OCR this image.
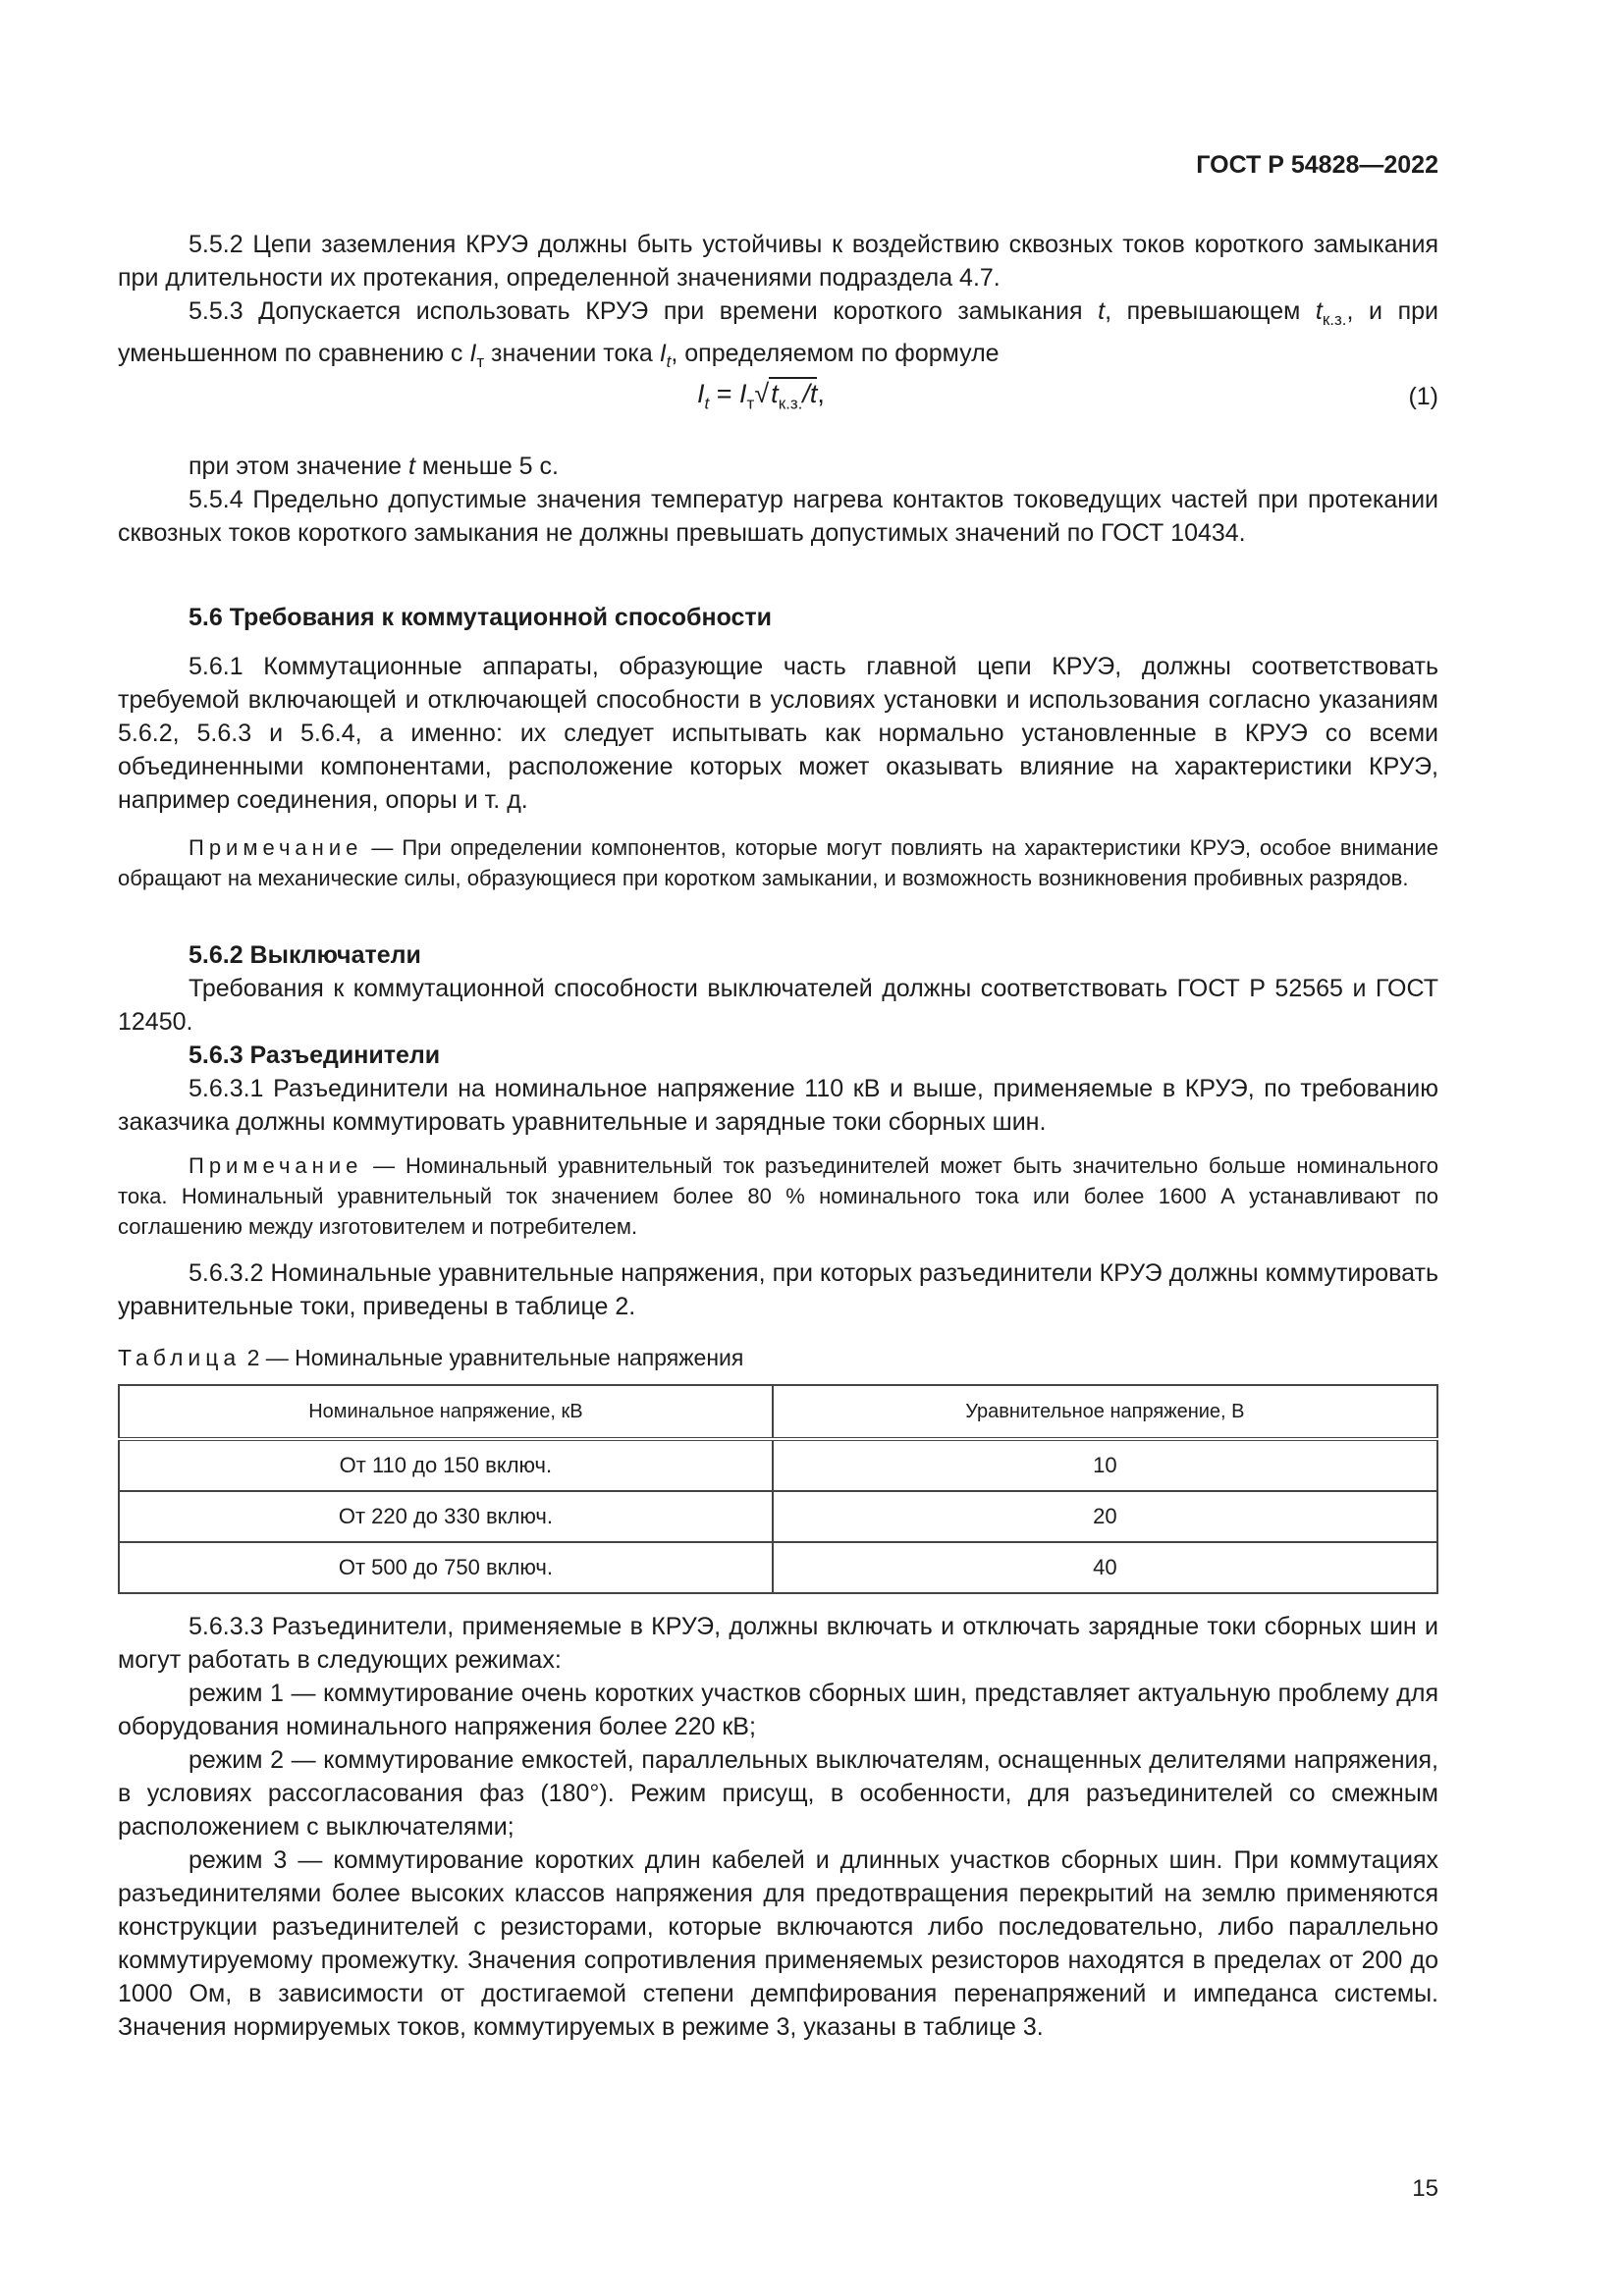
ГОСТ Р 54828—2022

5.5.2 Цепи заземления КРУЭ должны быть устойчивы к воздействию сквозных токов короткого замыкания при длительности их протекания, определенной значениями подраздела 4.7.

5.5.3 Допускается использовать КРУЭ при времени короткого замыкания t, превышающем $t_{к.з.}$, и при уменьшенном по сравнению с $I_т$ значении тока $I_t$, определяемом по формуле

$I_t = I_т√t_{к.з.}/t$,	(1)

при этом значение t меньше 5 с.

5.5.4 Предельно допустимые значения температур нагрева контактов токоведущих частей при протекании сквозных токов короткого замыкания не должны превышать допустимых значений по ГОСТ 10434.

5.6 Требования к коммутационной способности

5.6.1 Коммутационные аппараты, образующие часть главной цепи КРУЭ, должны соответствовать требуемой включающей и отключающей способности в условиях установки и использования согласно указаниям 5.6.2, 5.6.3 и 5.6.4, а именно: их следует испытывать как нормально установленные в КРУЭ со всеми объединенными компонентами, расположение которых может оказывать влияние на характеристики КРУЭ, например соединения, опоры и т. д.

Примечание — При определении компонентов, которые могут повлиять на характеристики КРУЭ, особое внимание обращают на механические силы, образующиеся при коротком замыкании, и возможность возникновения пробивных разрядов.

5.6.2 Выключатели

Требования к коммутационной способности выключателей должны соответствовать ГОСТ Р 52565 и ГОСТ 12450.

5.6.3 Разъединители

5.6.3.1 Разъединители на номинальное напряжение 110 кВ и выше, применяемые в КРУЭ, по требованию заказчика должны коммутировать уравнительные и зарядные токи сборных шин.

Примечание — Номинальный уравнительный ток разъединителей может быть значительно больше номинального тока. Номинальный уравнительный ток значением более 80 % номинального тока или более 1600 А устанавливают по соглашению между изготовителем и потребителем.

5.6.3.2 Номинальные уравнительные напряжения, при которых разъединители КРУЭ должны коммутировать уравнительные токи, приведены в таблице 2.

Таблица 2 — Номинальные уравнительные напряжения

Номинальное напряжение, кВ	Уравнительное напряжение, В
От 110 до 150 включ.	10
От 220 до 330 включ.	20
От 500 до 750 включ.	40

5.6.3.3 Разъединители, применяемые в КРУЭ, должны включать и отключать зарядные токи сборных шин и могут работать в следующих режимах:

режим 1 — коммутирование очень коротких участков сборных шин, представляет актуальную проблему для оборудования номинального напряжения более 220 кВ;

режим 2 — коммутирование емкостей, параллельных выключателям, оснащенных делителями напряжения, в условиях рассогласования фаз (180°). Режим присущ, в особенности, для разъединителей со смежным расположением с выключателями;

режим 3 — коммутирование коротких длин кабелей и длинных участков сборных шин. При коммутациях разъединителями более высоких классов напряжения для предотвращения перекрытий на землю применяются конструкции разъединителей с резисторами, которые включаются либо последовательно, либо параллельно коммутируемому промежутку. Значения сопротивления применяемых резисторов находятся в пределах от 200 до 1000 Ом, в зависимости от достигаемой степени демпфирования перенапряжений и импеданса системы. Значения нормируемых токов, коммутируемых в режиме 3, указаны в таблице 3.

15
